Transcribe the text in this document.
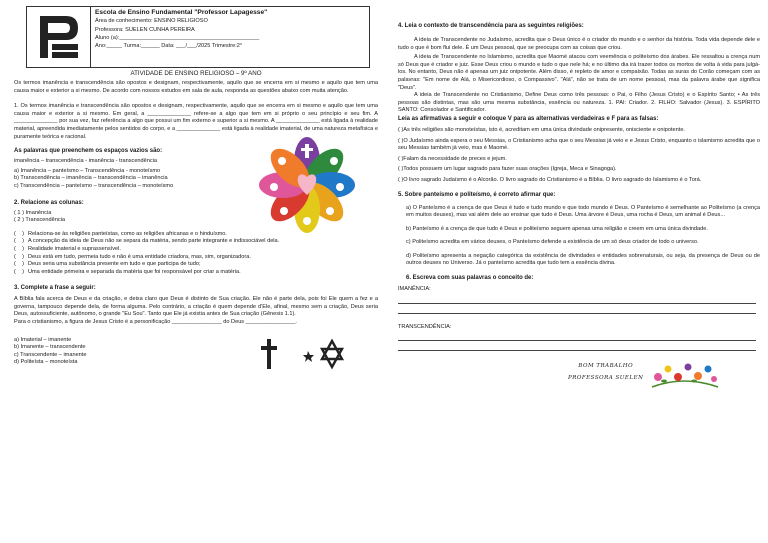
Escola de Ensino Fundamental "Professor Lapagesse"
Área de conhecimento: ENSINO RELIGIOSO
Professora: SUELEN CUNHA PEREIRA
Aluno (a):_____________________________________________
Ano:_____ Turma:______ Data: ___/___/2025 Trimestre:2°
ATIVIDADE DE ENSINO RELIGIOSO – 9º ANO

Os termos imanência e transcendência são opostos e designam, respectivamente, aquilo que se encerra em si mesmo e aquilo que tem uma causa maior e exterior a si mesmo. De acordo com nossos estudos em sala de aula, responda as questões abaixo com muita atenção.

1. Os termos imanência e transcendência são opostos e designam, respectivamente, aquilo que se encerra em si mesmo e aquilo que tem uma causa maior e exterior a si mesmo. Em geral, a ______________ refere-se a algo que tem em si próprio o seu princípio e seu fim. A ______________ por sua vez, faz referência a algo que possui um fim externo e superior a si mesmo. A ______________ está ligada à realidade material, apreendida imediatamente pelos sentidos do corpo, e a ______________ está ligada à realidade imaterial, de uma natureza metafísica e puramente teórica e racional.

As palavras que preenchem os espaços vazios são:

imanência – transcendência - imanência - transcendência

a) Imanência – panteísmo – Transcendência - monoteísmo
b) Transcendência – imanência – transcendência – imanência
c) Transcendência – panteísmo – transcendência – monoteísmo

2. Relacione as colunas:

( 1 ) Imanência
( 2 ) Transcendência
(    ) Relaciona-se às religiões panteístas, como as religiões africanas e o hinduísmo.
(    ) A concepção da ideia de Deus não se separa da matéria, sendo parte integrante e indissociável dela.
(    ) Realidade imaterial e suprassensível.
(    ) Deus está em tudo, permeia tudo e não é uma entidade criadora, mas, sim, organizadora.
(    ) Deus seria uma substância presente em tudo e que participa de tudo;
(    ) Uma entidade primeira e separada da matéria que foi responsável por criar a matéria.

3. Complete a frase a seguir:

A Bíblia fala acerca de Deus e da criação, e deixa claro que Deus é distinto de Sua criação. Ele não é parte dela, pois foi Ele quem a fez e a governa, tampouco depende dela, de forma alguma. Pelo contrário, a criação é quem depende d'Ele, afinal, mesmo sem a criação, Deus seria Deus, autossuficiente, autônomo, o grande "Eu Sou". Tanto que Ele já existia antes de Sua criação (Gênesis 1.1).

Para o cristianismo, a figura de Jesus Cristo é a personificação ________________ do Deus ________________.

a) Imaterial – imanente
b) Imanente – transcendente
c) Transcendente – imanente
d) Politeísta – monoteísta

4. Leia o contexto de transcendência para as seguintes religiões:

A ideia de Transcendente no Judaísmo, acredita que o Deus único é o criador do mundo e o senhor da história. Toda vida depende dele e tudo o que é bom flui dele. É um Deus pessoal, que se preocupa com as coisas que criou.

A ideia de Transcendente no Islamismo, acredita que Maomé atacou com veemência o politeísmo dos árabes. Ele ressaltou a crença num só Deus que é criador e juiz. Esse Deus criou o mundo e tudo o que nele há; e no último dia irá trazer todos os mortos de volta à vida para julgá-los. No entanto, Deus não é apenas um juiz onipotente. Além disso, é repleto de amor e compaixão. Todas as suras do Corão começam com as palavras: "Em nome de Alá, o Misericordioso, o Compassivo". "Alá", não se trata de um nome pessoal, mas da palavra árabe que significa "Deus".

A ideia de Transcendente no Cristianismo, Define Deus como três pessoas: o Pai, o Filho (Jesus Cristo) e o Espírito Santo; • As três pessoas são distintas, mas são uma mesma substância, essência ou natureza. 1. PAI: Criador. 2. FILHO: Salvador (Jesus). 3. ESPÍRITO SANTO: Consolador e Santificador.

Leia as afirmativas a seguir e coloque V para as alternativas verdadeiras e F para as falsas:

( )As três religiões são monoteístas, isto é, acreditam em uma única divindade onipresente, onisciente e onipotente.
( )O Judaísmo ainda espera o seu Messias, o Cristianismo acha que o seu Messias já veio e e Jesus Cristo, enquanto o islamismo acredita que o seu Messias também já veio, mas é Maomé.
( )Falam da necessidade de preces e jejum.
( )Todos possuem um lugar sagrado para fazer suas orações (Igreja, Meca e Sinagoga).
( )O livro sagrado Judaísmo é o Alcorão. O livro sagrado do Cristianismo é a Bíblia. O livro sagrado do Islamismo é o Torá.

5. Sobre panteísmo e politeísmo, é correto afirmar que:

a) O Panteísmo é a crença de que Deus é tudo e tudo mundo e que todo mundo é Deus. O Panteísmo é semelhante ao Politeísmo (a crença em muitos deuses), mas vai além dele ao ensinar que tudo é Deus. Uma árvore é Deus, uma rocha é Deus, um animal é Deus...
b) Panteísmo é a crença de que tudo é Deus e politeísmo seguem apenas uma religião e creem em uma única divindade.
c) Politeísmo acredita em vários deuses, o Panteísmo defende a existência de um só deus criador de todo o universo.
d) Politeísmo apresenta a negação categórica da existência de divindades e entidades sobrenaturais, ou seja, da presença de Deus ou de outros deuses no Universo. Já o panteísmo acredita que tudo tem a essência divina.

6. Escreva com suas palavras o conceito de:

IMANÊNCIA:

TRANSCENDÊNCIA:

BOM TRABALHO
PROFESSORA SUELEN
